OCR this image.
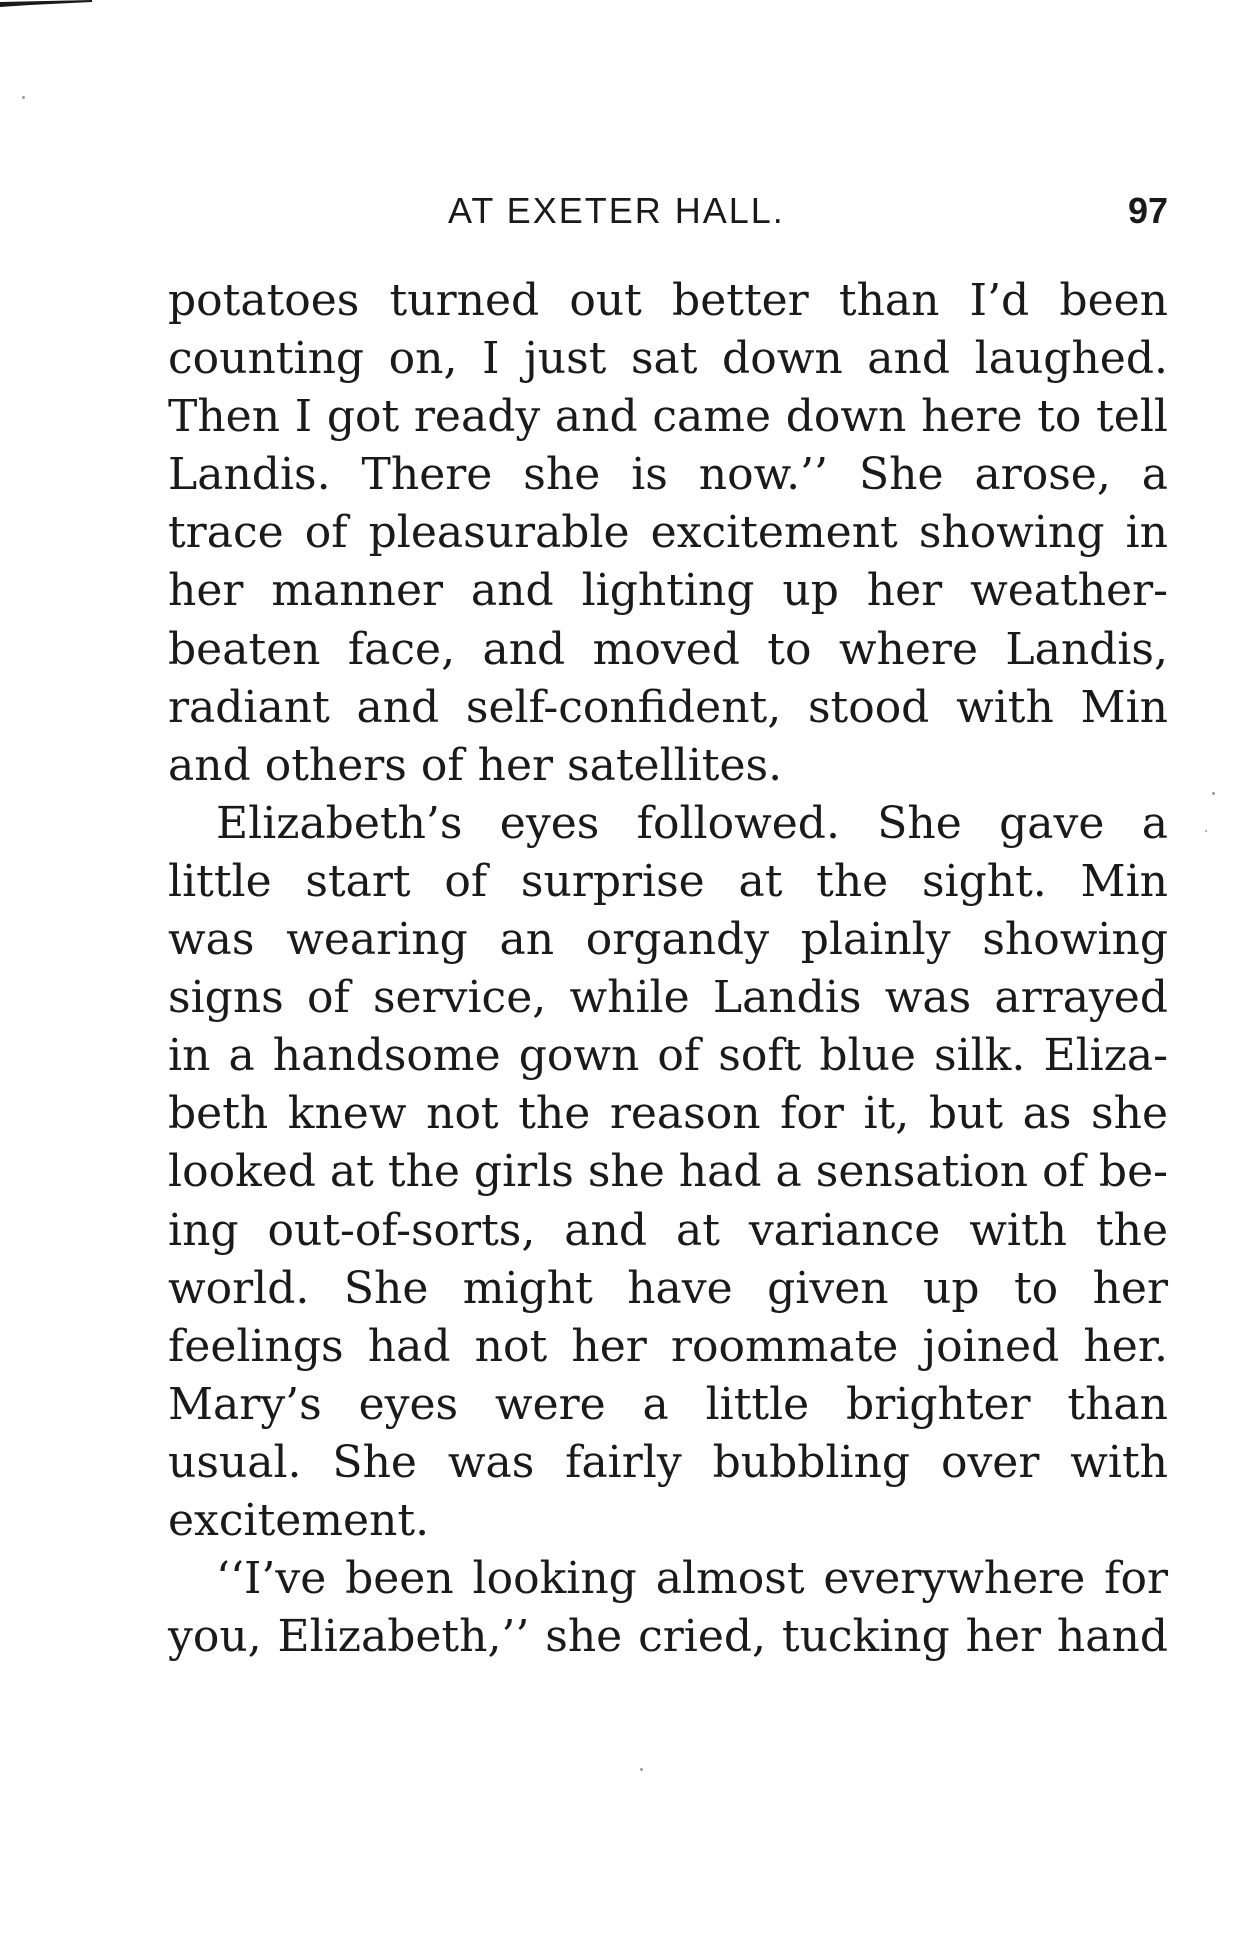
AT EXETER HALL.	97
potatoes turned out better than I’d been
counting on, I just sat down and laughed.
Then I got ready and came down here to tell
Landis. There she is now.’’ She arose, a
trace of pleasurable excitement showing in
her manner and lighting up her weather-
beaten face, and moved to where Landis,
radiant and self-confident, stood with Min
and others of her satellites.
Elizabeth’s eyes followed. She gave a
little start of surprise at the sight. Min
was wearing an organdy plainly showing
signs of service, while Landis was arrayed
in a handsome gown of soft blue silk. Eliza-
beth knew not the reason for it, but as she
looked at the girls she had a sensation of be-
ing out-of-sorts, and at variance with the
world. She might have given up to her
feelings had not her roommate joined her.
Mary’s eyes were a little brighter than
usual. She was fairly bubbling over with
excitement.
‘‘I’ve been looking almost everywhere for
you, Elizabeth,’’ she cried, tucking her hand
